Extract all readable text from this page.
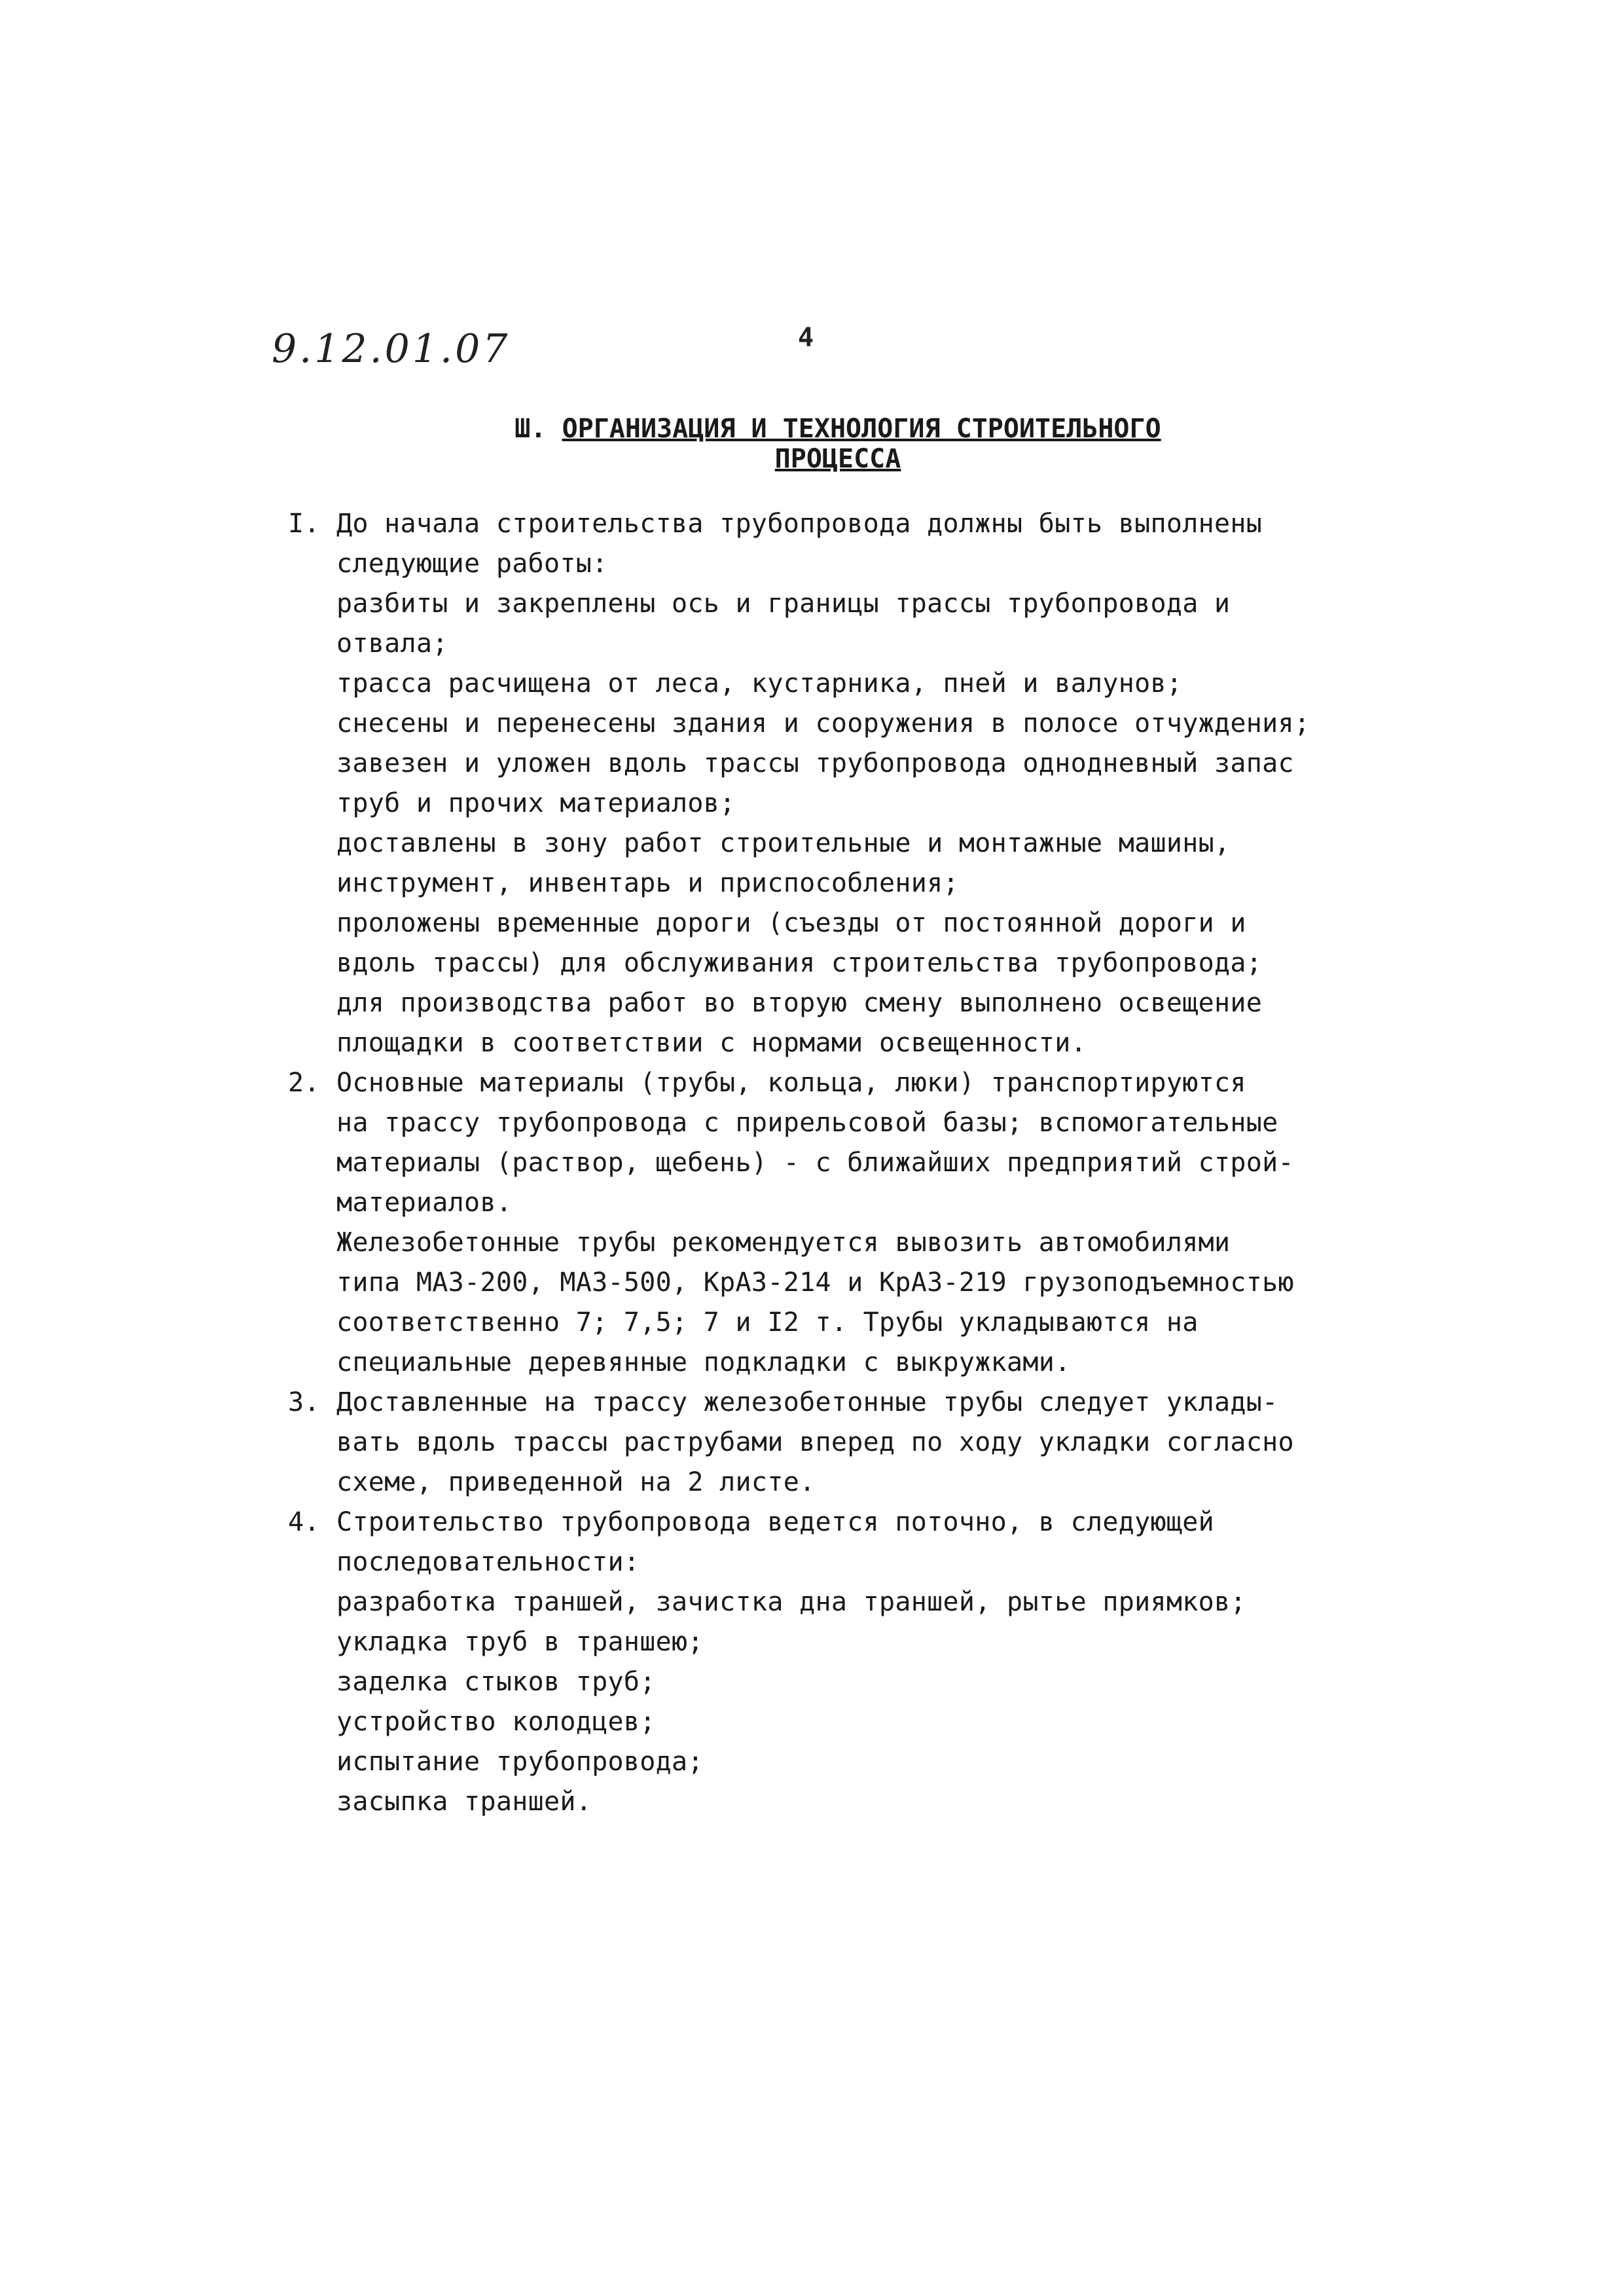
9.12.01.07	4
Ш. ОРГАНИЗАЦИЯ И ТЕХНОЛОГИЯ СТРОИТЕЛЬНОГО
ПРОЦЕССА
I. До начала строительства трубопровода должны быть выполнены
следующие работы:
разбиты и закреплены ось и границы трассы трубопровода и
отвала;
трасса расчищена от леса, кустарника, пней и валунов;
снесены и перенесены здания и сооружения в полосе отчуждения;
завезен и уложен вдоль трассы трубопровода однодневный запас
труб и прочих материалов;
доставлены в зону работ строительные и монтажные машины,
инструмент, инвентарь и приспособления;
проложены временные дороги (съезды от постоянной дороги и
вдоль трассы) для обслуживания строительства трубопровода;
для производства работ во вторую смену выполнено освещение
площадки в соответствии с нормами освещенности.
2. Основные материалы (трубы, кольца, люки) транспортируются
на трассу трубопровода с прирельсовой базы; вспомогательные
материалы (раствор, щебень) - с ближайших предприятий строй-
материалов.
Железобетонные трубы рекомендуется вывозить автомобилями
типа МАЗ-200, МАЗ-500, КрАЗ-214 и КрАЗ-219 грузоподъемностью
соответственно 7; 7,5; 7 и I2 т. Трубы укладываются на
специальные деревянные подкладки с выкружками.
3. Доставленные на трассу железобетонные трубы следует уклады-
вать вдоль трассы раструбами вперед по ходу укладки согласно
схеме, приведенной на 2 листе.
4. Строительство трубопровода ведется поточно, в следующей
последовательности:
разработка траншей, зачистка дна траншей, рытье приямков;
укладка труб в траншею;
заделка стыков труб;
устройство колодцев;
испытание трубопровода;
засыпка траншей.
